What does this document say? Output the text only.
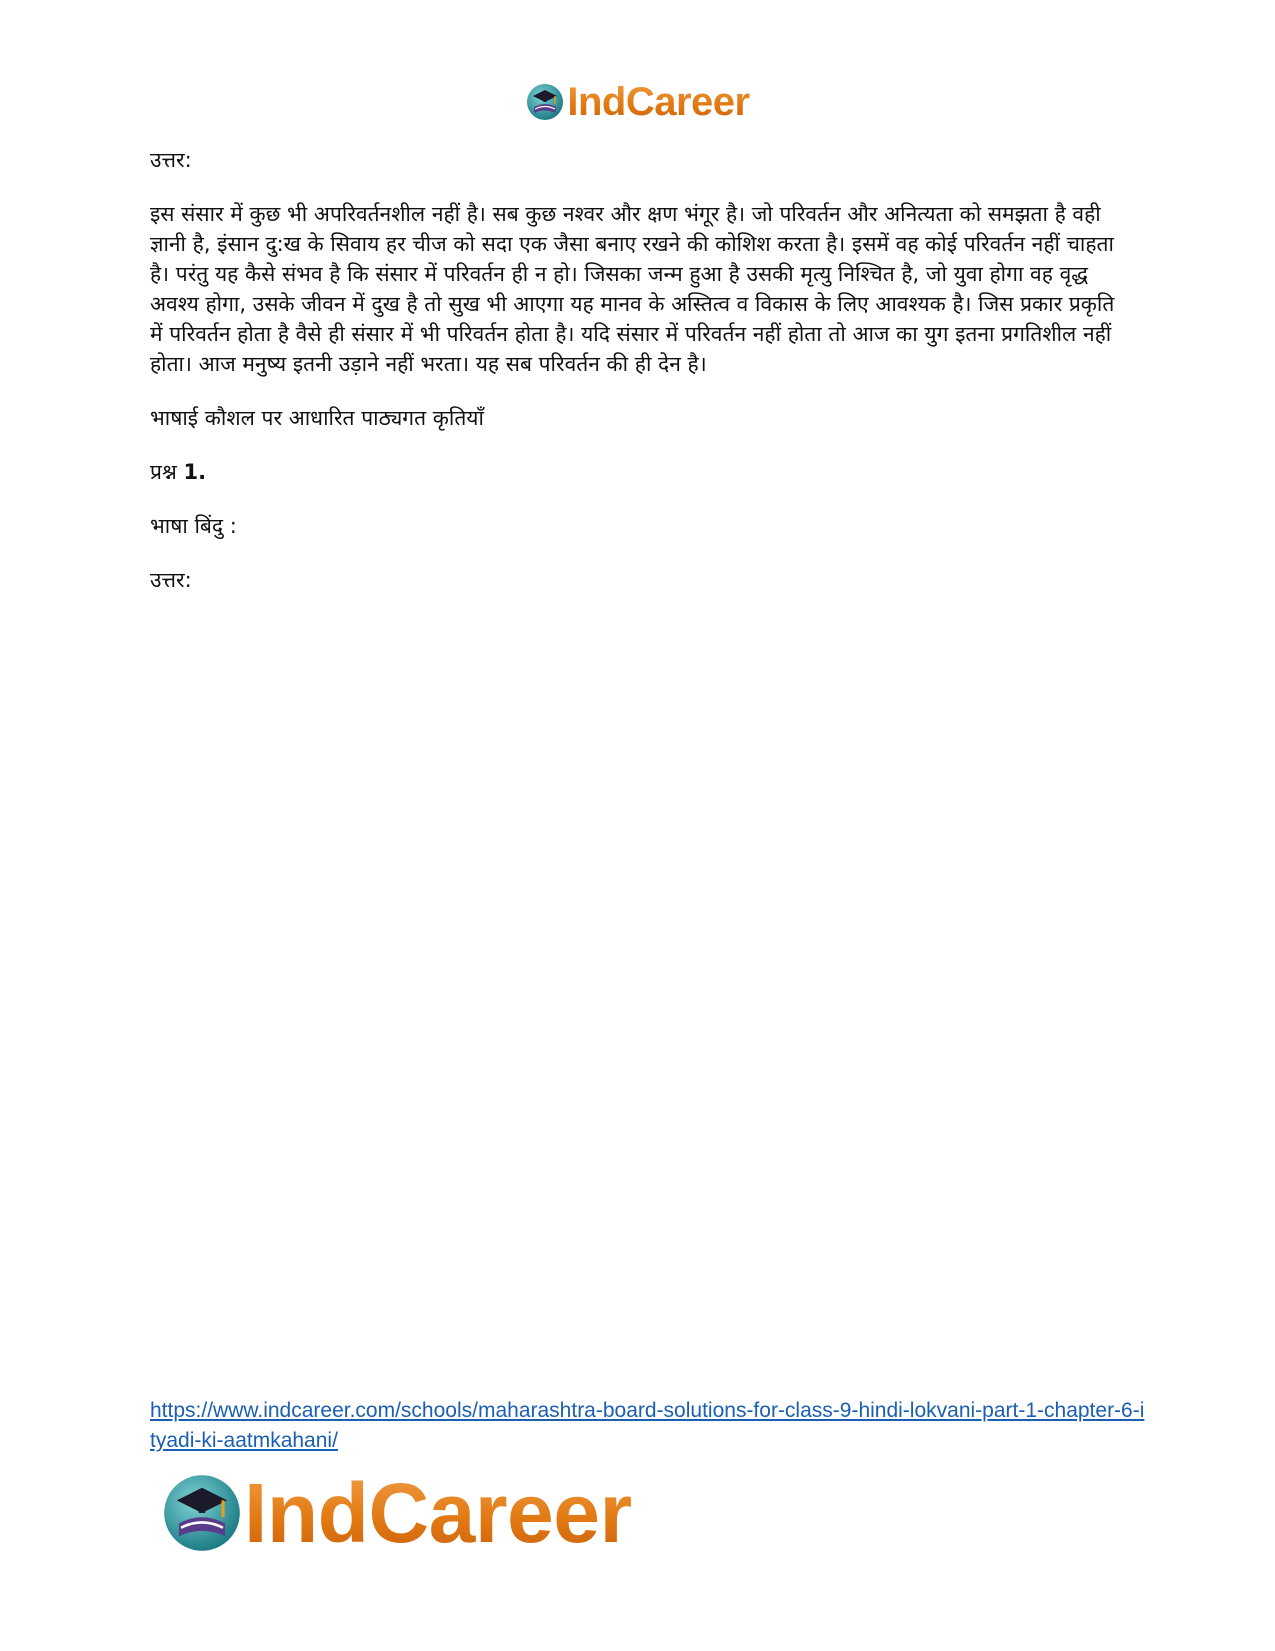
IndCareer

उत्तर:

इस संसार में कुछ भी अपरिवर्तनशील नहीं है। सब कुछ नश्वर और क्षण भंगूर है। जो परिवर्तन और अनित्यता को समझता है वही ज्ञानी है, इंसान दु:ख के सिवाय हर चीज को सदा एक जैसा बनाए रखने की कोशिश करता है। इसमें वह कोई परिवर्तन नहीं चाहता है। परंतु यह कैसे संभव है कि संसार में परिवर्तन ही न हो। जिसका जन्म हुआ है उसकी मृत्यु निश्चित है, जो युवा होगा वह वृद्ध अवश्य होगा, उसके जीवन में दुख है तो सुख भी आएगा यह मानव के अस्तित्व व विकास के लिए आवश्यक है। जिस प्रकार प्रकृति में परिवर्तन होता है वैसे ही संसार में भी परिवर्तन होता है। यदि संसार में परिवर्तन नहीं होता तो आज का युग इतना प्रगतिशील नहीं होता। आज मनुष्य इतनी उड़ाने नहीं भरता। यह सब परिवर्तन की ही देन है।

भाषाई कौशल पर आधारित पाठ्यगत कृतियाँ

प्रश्न 1.

भाषा बिंदु :

उत्तर:

https://www.indcareer.com/schools/maharashtra-board-solutions-for-class-9-hindi-lokvani-part-1-chapter-6-ityadi-ki-aatmkahani/
IndCareer
